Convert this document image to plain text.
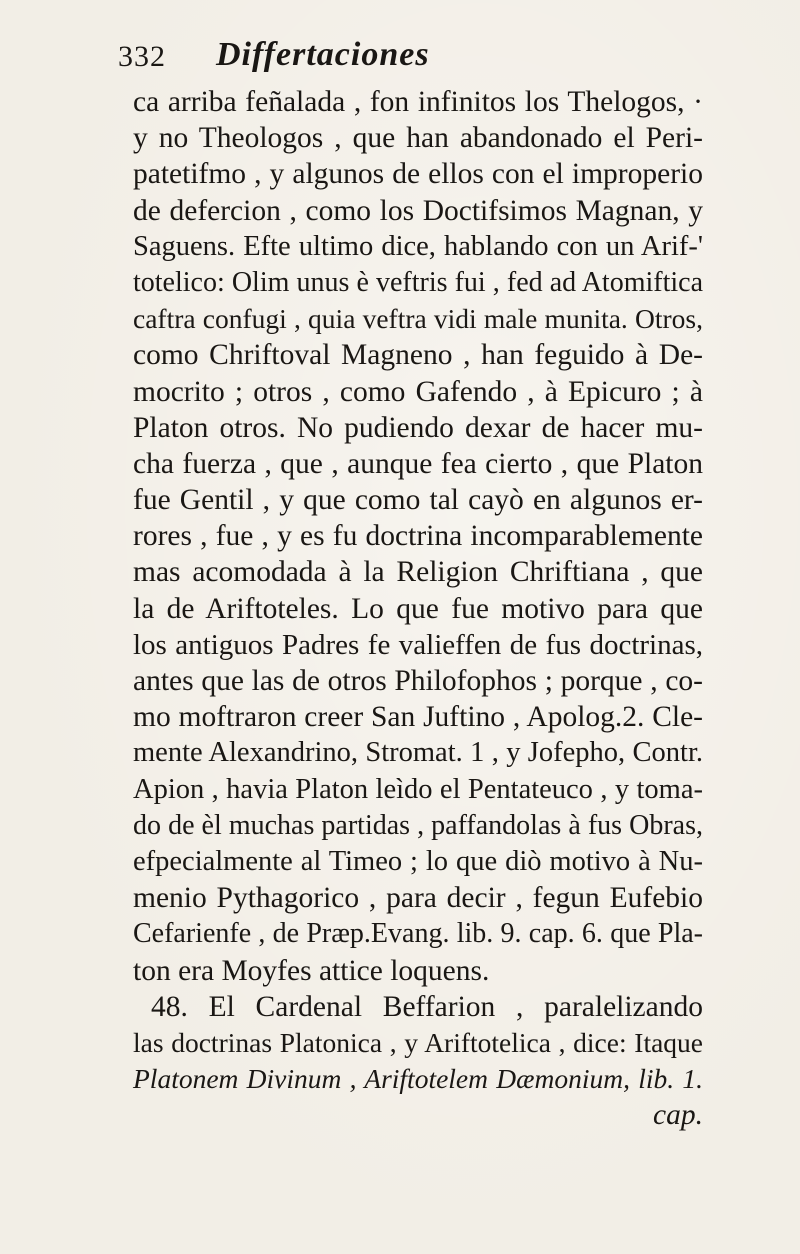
332 Differtaciones
ca arriba feñalada , fon infinitos los Thelogos, ·
y no Theologos , que han abandonado el Peri-
patetifmo , y algunos de ellos con el improperio
de defercion , como los Doctifsimos Magnan, y
Saguens. Efte ultimo dice, hablando con un Arif-'
totelico: Olim unus è veftris fui , fed ad Atomiftica
caftra confugi , quia veftra vidi male munita. Otros,
como Chriftoval Magneno , han feguido à De-
mocrito ; otros , como Gafendo , à Epicuro ; à
Platon otros. No pudiendo dexar de hacer mu-
cha fuerza , que , aunque fea cierto , que Platon
fue Gentil , y que como tal cayò en algunos er-
rores , fue , y es fu doctrina incomparablemente
mas acomodada à la Religion Chriftiana , que
la de Ariftoteles. Lo que fue motivo para que
los antiguos Padres fe valieffen de fus doctrinas,
antes que las de otros Philofophos ; porque , co-
mo moftraron creer San Juftino , Apolog.2. Cle-
mente Alexandrino, Stromat. 1 , y Jofepho, Contr.
Apion , havia Platon leìdo el Pentateuco , y toma-
do de èl muchas partidas , paffandolas à fus Obras,
efpecialmente al Timeo ; lo que diò motivo à Nu-
menio Pythagorico , para decir , fegun Eufebio
Cefarienfe , de Præp.Evang. lib. 9. cap. 6. que Pla-
ton era Moyfes attice loquens.
48. El Cardenal Beffarion , paralelizando
las doctrinas Platonica , y Ariftotelica , dice: Itaque
Platonem Divinum , Ariftotelem Dæmonium, lib. 1.
cap.
